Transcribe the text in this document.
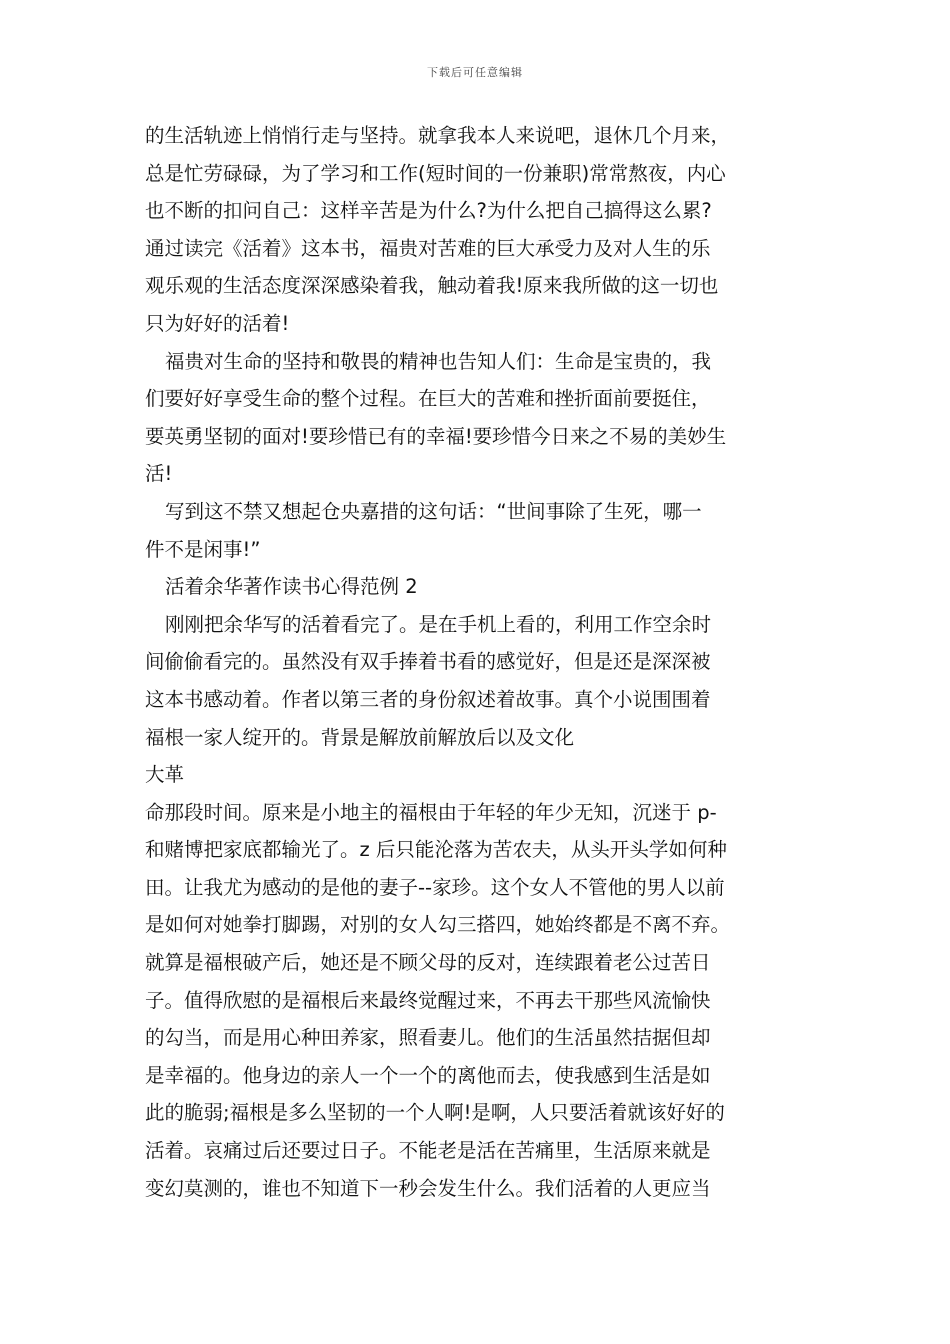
下载后可任意编辑
的生活轨迹上悄悄行走与坚持。就拿我本人来说吧，退休几个月来，
总是忙劳碌碌，为了学习和工作(短时间的一份兼职)常常熬夜，内心
也不断的扣问自己：这样辛苦是为什么?为什么把自己搞得这么累?
通过读完《活着》这本书，福贵对苦难的巨大承受力及对人生的乐
观乐观的生活态度深深感染着我，触动着我!原来我所做的这一切也
只为好好的活着!
福贵对生命的坚持和敬畏的精神也告知人们：生命是宝贵的，我
们要好好享受生命的整个过程。在巨大的苦难和挫折面前要挺住，
要英勇坚韧的面对!要珍惜已有的幸福!要珍惜今日来之不易的美妙生
活!
写到这不禁又想起仓央嘉措的这句话：“世间事除了生死，哪一
件不是闲事!”
活着余华著作读书心得范例 2
刚刚把余华写的活着看完了。是在手机上看的，利用工作空余时
间偷偷看完的。虽然没有双手捧着书看的感觉好，但是还是深深被
这本书感动着。作者以第三者的身份叙述着故事。真个小说围围着
福根一家人绽开的。背景是解放前解放后以及文化
大革
命那段时间。原来是小地主的福根由于年轻的年少无知，沉迷于 p-
和赌博把家底都输光了。z 后只能沦落为苦农夫，从头开头学如何种
田。让我尤为感动的是他的妻子--家珍。这个女人不管他的男人以前
是如何对她拳打脚踢，对别的女人勾三搭四，她始终都是不离不弃。
就算是福根破产后，她还是不顾父母的反对，连续跟着老公过苦日
子。值得欣慰的是福根后来最终觉醒过来，不再去干那些风流愉快
的勾当，而是用心种田养家，照看妻儿。他们的生活虽然拮据但却
是幸福的。他身边的亲人一个一个的离他而去，使我感到生活是如
此的脆弱;福根是多么坚韧的一个人啊!是啊，人只要活着就该好好的
活着。哀痛过后还要过日子。不能老是活在苦痛里，生活原来就是
变幻莫测的，谁也不知道下一秒会发生什么。我们活着的人更应当
